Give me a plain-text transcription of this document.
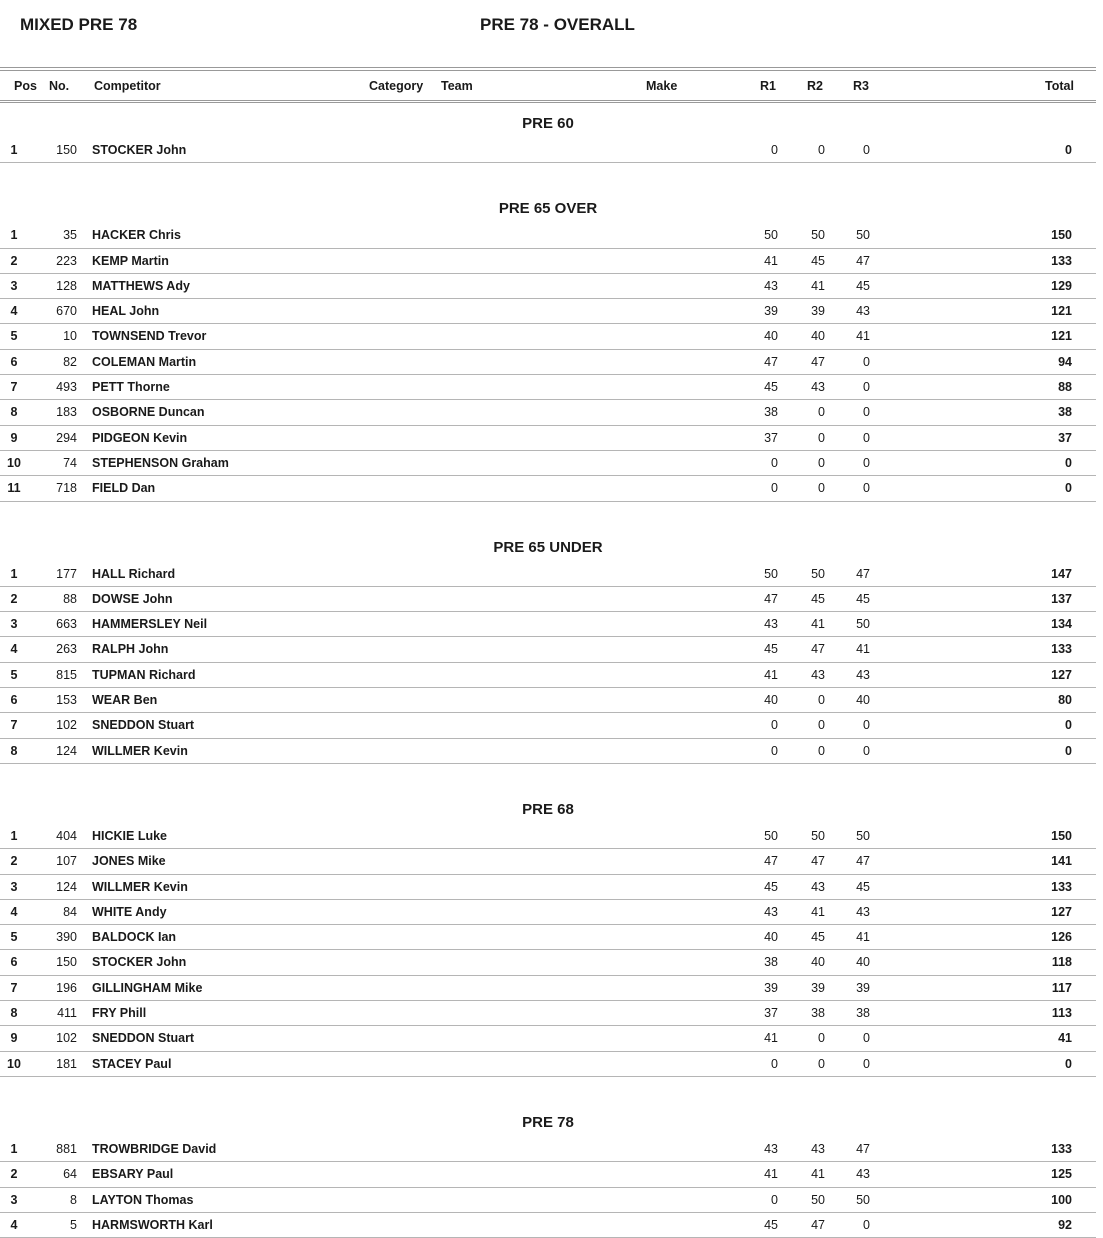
MIXED PRE 78	PRE 78 - OVERALL
Pos No. Competitor	Category Team	Make	R1 R2 R3	Total
PRE 60
1	150 STOCKER John	0	0	0	0
PRE 65 OVER
1	35 HACKER Chris	50	50	50	150
2	223 KEMP Martin	41	45	47	133
3	128 MATTHEWS Ady	43	41	45	129
4	670 HEAL John	39	39	43	121
5	10 TOWNSEND Trevor	40	40	41	121
6	82 COLEMAN Martin	47	47	0	94
7	493 PETT Thorne	45	43	0	88
8	183 OSBORNE Duncan	38	0	0	38
9	294 PIDGEON Kevin	37	0	0	37
10	74 STEPHENSON Graham	0	0	0	0
11	718 FIELD Dan	0	0	0	0
PRE 65 UNDER
1	177 HALL Richard	50	50	47	147
2	88 DOWSE John	47	45	45	137
3	663 HAMMERSLEY Neil	43	41	50	134
4	263 RALPH John	45	47	41	133
5	815 TUPMAN Richard	41	43	43	127
6	153 WEAR Ben	40	0	40	80
7	102 SNEDDON Stuart	0	0	0	0
8	124 WILLMER Kevin	0	0	0	0
PRE 68
1	404 HICKIE Luke	50	50	50	150
2	107 JONES Mike	47	47	47	141
3	124 WILLMER Kevin	45	43	45	133
4	84 WHITE Andy	43	41	43	127
5	390 BALDOCK Ian	40	45	41	126
6	150 STOCKER John	38	40	40	118
7	196 GILLINGHAM Mike	39	39	39	117
8	411 FRY Phill	37	38	38	113
9	102 SNEDDON Stuart	41	0	0	41
10	181 STACEY Paul	0	0	0	0
PRE 78
1	881 TROWBRIDGE David	43	43	47	133
2	64 EBSARY Paul	41	41	43	125
3	8 LAYTON Thomas	0	50	50	100
4	5 HARMSWORTH Karl	45	47	0	92
